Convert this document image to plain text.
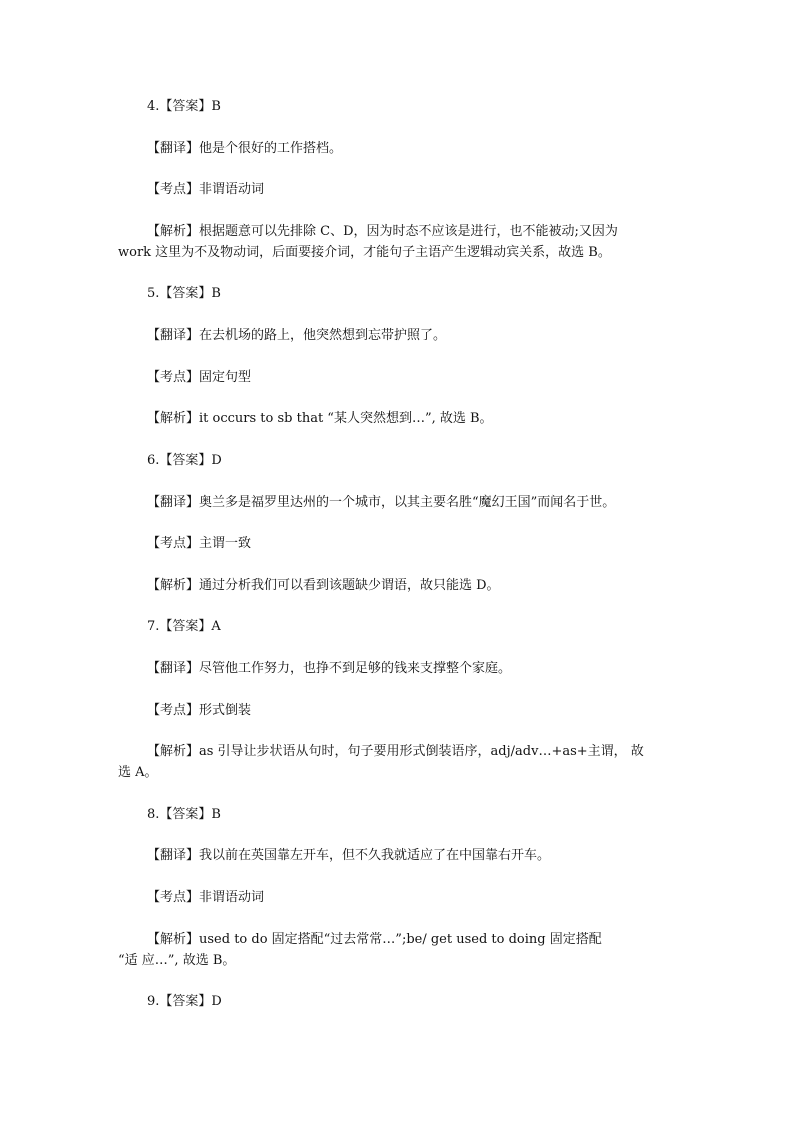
4.【答案】B
【翻译】他是个很好的工作搭档。
【考点】非谓语动词
【解析】根据题意可以先排除 C、D，因为时态不应该是进行，也不能被动;又因为
work 这里为不及物动词，后面要接介词，才能句子主语产生逻辑动宾关系，故选 B。
5.【答案】B
【翻译】在去机场的路上，他突然想到忘带护照了。
【考点】固定句型
【解析】it occurs to sb that “某人突然想到…”, 故选 B。
6.【答案】D
【翻译】奥兰多是福罗里达州的一个城市，以其主要名胜“魔幻王国”而闻名于世。
【考点】主谓一致
【解析】通过分析我们可以看到该题缺少谓语，故只能选 D。
7.【答案】A
【翻译】尽管他工作努力，也挣不到足够的钱来支撑整个家庭。
【考点】形式倒装
【解析】as 引导让步状语从句时，句子要用形式倒装语序，adj/adv…+as+主谓， 故
选 A。
8.【答案】B
【翻译】我以前在英国靠左开车，但不久我就适应了在中国靠右开车。
【考点】非谓语动词
【解析】used to do 固定搭配“过去常常…”;be/ get used to doing 固定搭配
“适 应…”, 故选 B。
9.【答案】D
